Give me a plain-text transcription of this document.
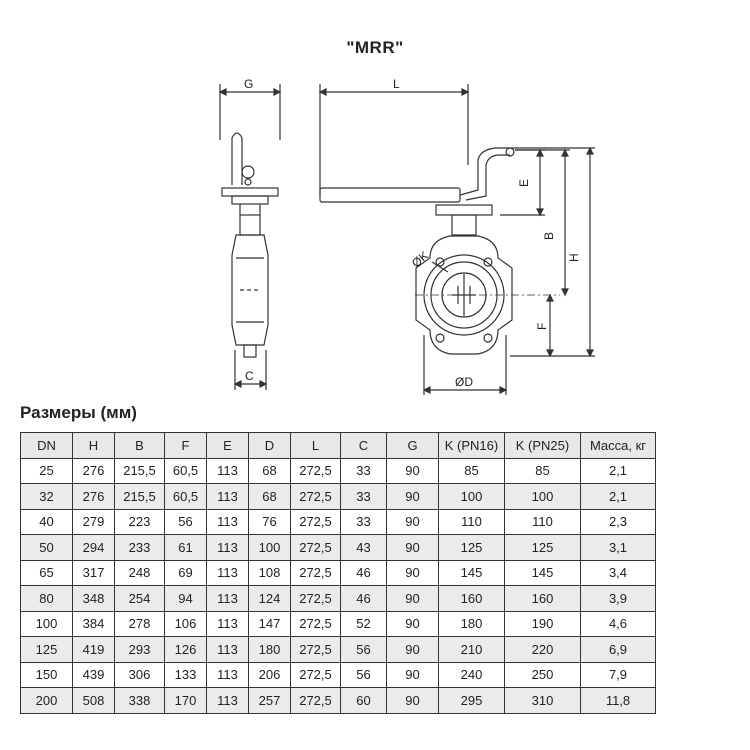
"MRR"
G	L
C
E
B
H
F
ØK
ØD
Размеры (мм)
DN	H	B	F	E	D	L	C	G	K (PN16)	K (PN25)	Масса, кг
25	276	215,5	60,5	113	68	272,5	33	90	85	85	2,1
32	276	215,5	60,5	113	68	272,5	33	90	100	100	2,1
40	279	223	56	113	76	272,5	33	90	110	110	2,3
50	294	233	61	113	100	272,5	43	90	125	125	3,1
65	317	248	69	113	108	272,5	46	90	145	145	3,4
80	348	254	94	113	124	272,5	46	90	160	160	3,9
100	384	278	106	113	147	272,5	52	90	180	190	4,6
125	419	293	126	113	180	272,5	56	90	210	220	6,9
150	439	306	133	113	206	272,5	56	90	240	250	7,9
200	508	338	170	113	257	272,5	60	90	295	310	11,8
